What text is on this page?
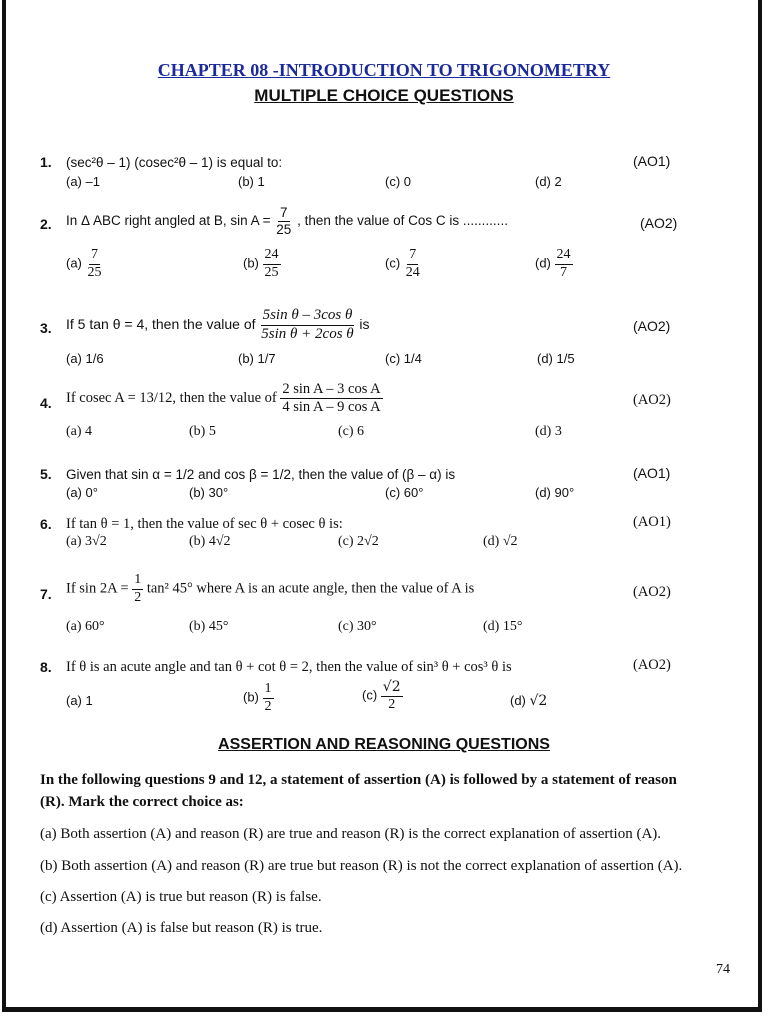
CHAPTER 08 -INTRODUCTION TO TRIGONOMETRY
MULTIPLE CHOICE QUESTIONS
1. (sec²θ – 1) (cosec²θ – 1) is equal to:	(AO1)
(a) –1	(b) 1	(c) 0	(d) 2
2. In Δ ABC right angled at B, $\sin A = \frac{7}{25}$ , then the value of Cos C is ............	(AO2)
$(a) \frac{7}{25}$	$(b) \frac{24}{25}$	$(c) \frac{7}{24}$	$(d) \frac{24}{7}$
3. If 5 tan θ = 4, then the value of $\frac{\text{5sin θ – 3cos θ}}{\text{5sin θ + 2cos θ}}$ is	(AO2)
(a) 1/6	(b) 1/7	(c) 1/4	(d) 1/5
4. If cosec A = 13/12, then the value of $\frac{\text{2 sin A – 3 cos A}}{\text{4 sin A – 9 cos A}}$	(AO2)
(a) 4	(b) 5	(c) 6	(d) 3
5. Given that sin α = 1/2 and cos β = 1/2, then the value of (β – α) is	(AO1)
(a) 0°	(b) 30°	(c) 60°	(d) 90°
6. If tan θ = 1, then the value of sec θ + cosec θ is:	(AO1)
(a) 3√2	(b) 4√2	(c) 2√2	(d) √2
7. If $\sin 2A = \frac{1}{2} \tan^2$ 45° where A is an acute angle, then the value of A is	(AO2)
(a) 60°	(b) 45°	(c) 30°	(d) 15°
8. If θ is an acute angle and tan θ + cot θ = 2, then the value of sin³ θ + cos³ θ is	(AO2)
(a) 1	$(b) \frac{1}{2}$	$(c) \frac{√2}{2}$	(d) √2
ASSERTION AND REASONING QUESTIONS
In the following questions 9 and 12, a statement of assertion (A) is followed by a statement of reason
(R). Mark the correct choice as:
(a) Both assertion (A) and reason (R) are true and reason (R) is the correct explanation of assertion (A).
(b) Both assertion (A) and reason (R) are true but reason (R) is not the correct explanation of assertion (A).
(c) Assertion (A) is true but reason (R) is false.
(d) Assertion (A) is false but reason (R) is true.
74
